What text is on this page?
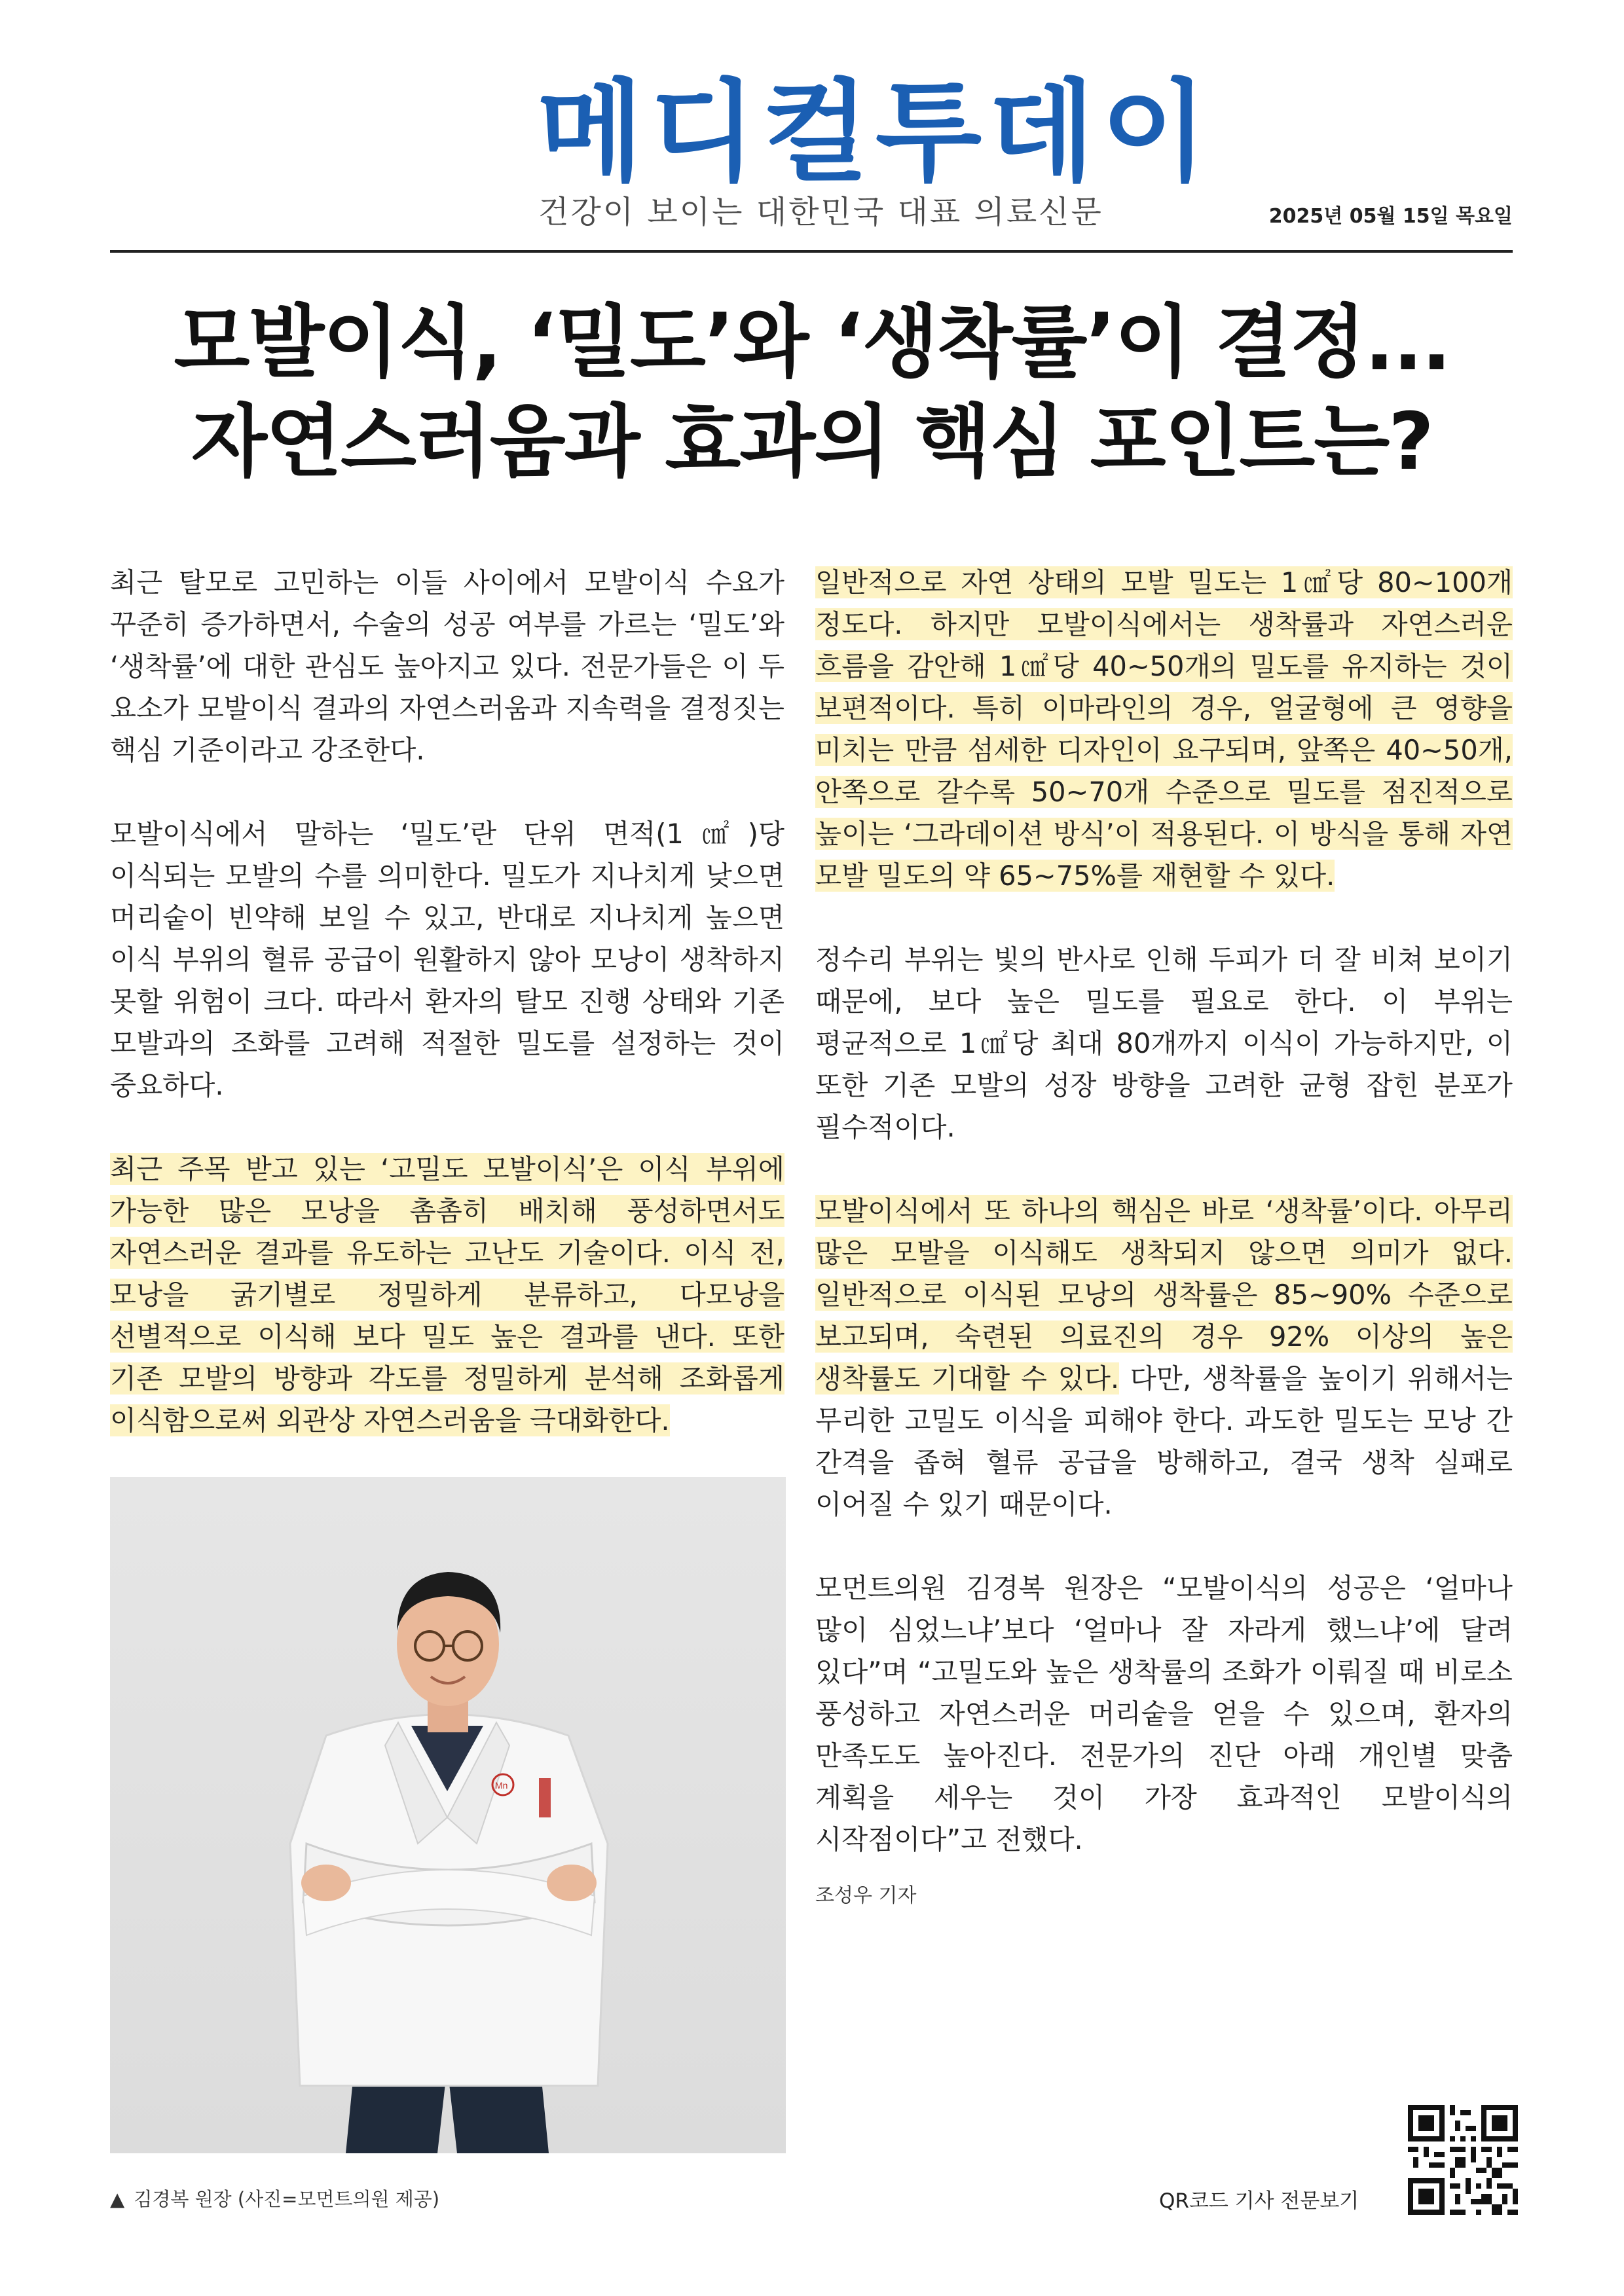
메디컬투데이
건강이 보이는 대한민국 대표 의료신문	2025년 05월 15일 목요일
모발이식, ‘밀도’와 ‘생착률’이 결정...
자연스러움과 효과의 핵심 포인트는?

최근 탈모로 고민하는 이들 사이에서 모발이식 수요가 꾸준히 증가하면서, 수술의 성공 여부를 가르는 ‘밀도’와 ‘생착률’에 대한 관심도 높아지고 있다. 전문가들은 이 두 요소가 모발이식 결과의 자연스러움과 지속력을 결정짓는 핵심 기준이라고 강조한다.

모발이식에서 말하는 ‘밀도’란 단위 면적(1㎠)당 이식되는 모발의 수를 의미한다. 밀도가 지나치게 낮으면 머리숱이 빈약해 보일 수 있고, 반대로 지나치게 높으면 이식 부위의 혈류 공급이 원활하지 않아 모낭이 생착하지 못할 위험이 크다. 따라서 환자의 탈모 진행 상태와 기존 모발과의 조화를 고려해 적절한 밀도를 설정하는 것이 중요하다.

최근 주목 받고 있는 ‘고밀도 모발이식’은 이식 부위에 가능한 많은 모낭을 촘촘히 배치해 풍성하면서도 자연스러운 결과를 유도하는 고난도 기술이다. 이식 전, 모낭을 굵기별로 정밀하게 분류하고, 다모낭을 선별적으로 이식해 보다 밀도 높은 결과를 낸다. 또한 기존 모발의 방향과 각도를 정밀하게 분석해 조화롭게 이식함으로써 외관상 자연스러움을 극대화한다.

Mn
▲ 김경복 원장 (사진=모먼트의원 제공)

일반적으로 자연 상태의 모발 밀도는 1㎠당 80~100개 정도다. 하지만 모발이식에서는 생착률과 자연스러운 흐름을 감안해 1㎠당 40~50개의 밀도를 유지하는 것이 보편적이다. 특히 이마라인의 경우, 얼굴형에 큰 영향을 미치는 만큼 섬세한 디자인이 요구되며, 앞쪽은 40~50개, 안쪽으로 갈수록 50~70개 수준으로 밀도를 점진적으로 높이는 ‘그라데이션 방식’이 적용된다. 이 방식을 통해 자연 모발 밀도의 약 65~75%를 재현할 수 있다.

정수리 부위는 빛의 반사로 인해 두피가 더 잘 비쳐 보이기 때문에, 보다 높은 밀도를 필요로 한다. 이 부위는 평균적으로 1㎠당 최대 80개까지 이식이 가능하지만, 이 또한 기존 모발의 성장 방향을 고려한 균형 잡힌 분포가 필수적이다.

모발이식에서 또 하나의 핵심은 바로 ‘생착률’이다. 아무리 많은 모발을 이식해도 생착되지 않으면 의미가 없다. 일반적으로 이식된 모낭의 생착률은 85~90% 수준으로 보고되며, 숙련된 의료진의 경우 92% 이상의 높은 생착률도 기대할 수 있다. 다만, 생착률을 높이기 위해서는 무리한 고밀도 이식을 피해야 한다. 과도한 밀도는 모낭 간 간격을 좁혀 혈류 공급을 방해하고, 결국 생착 실패로 이어질 수 있기 때문이다.

모먼트의원 김경복 원장은 “모발이식의 성공은 ‘얼마나 많이 심었느냐’보다 ‘얼마나 잘 자라게 했느냐’에 달려 있다”며 “고밀도와 높은 생착률의 조화가 이뤄질 때 비로소 풍성하고 자연스러운 머리숱을 얻을 수 있으며, 환자의 만족도도 높아진다. 전문가의 진단 아래 개인별 맞춤 계획을 세우는 것이 가장 효과적인 모발이식의 시작점이다”고 전했다.

조성우 기자
QR코드 기사 전문보기
